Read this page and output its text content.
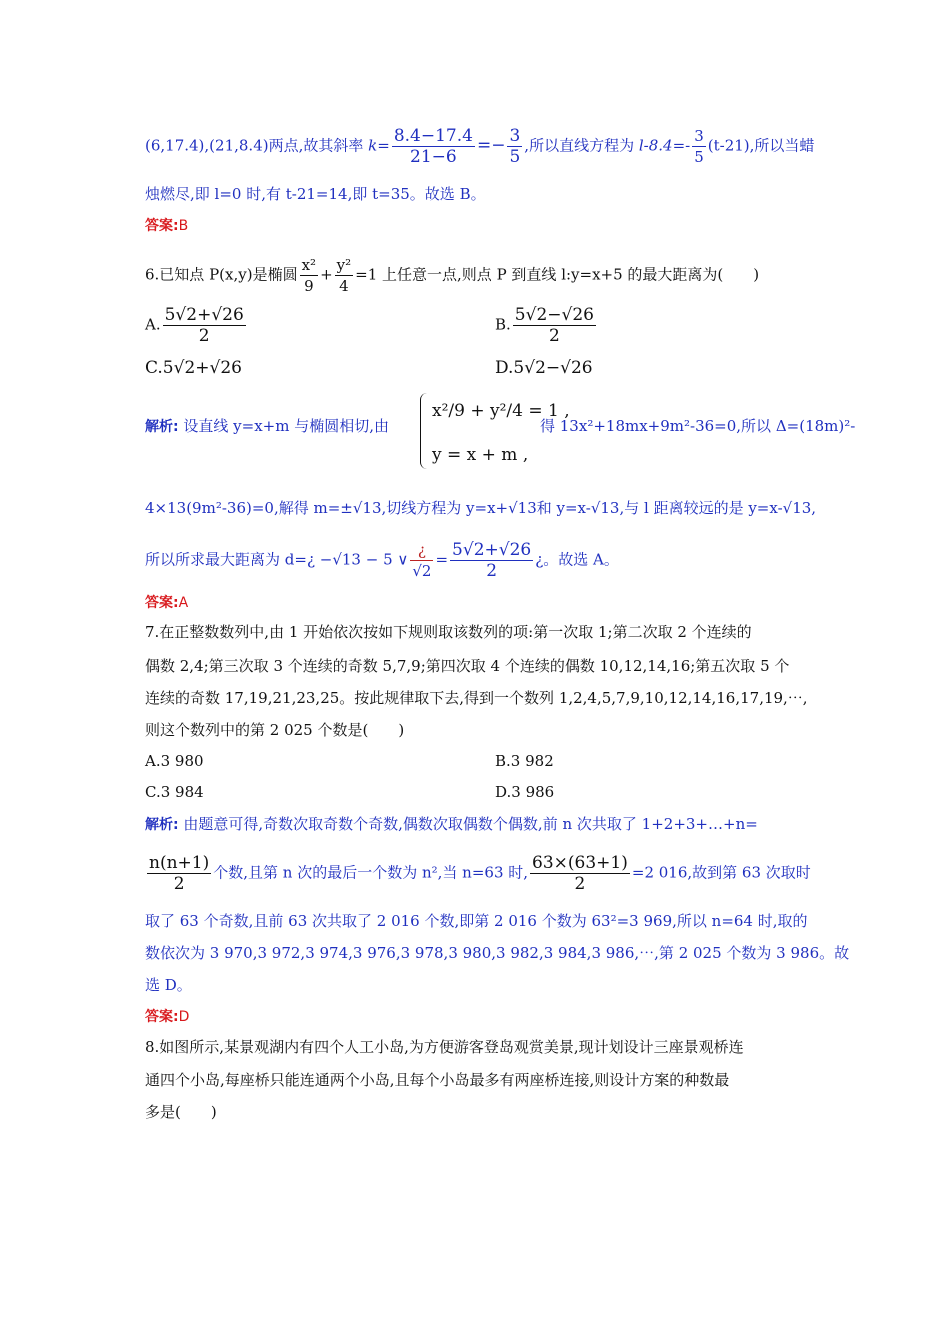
(6,17.4),(21,8.4)两点,故其斜率 $k= \frac{8.4-17.4}{21-6} =- \frac{3}{5}$ ,所以直线方程为 $l-8.4=- \frac{3}{5} (t-21)$,所以当蜡
烛燃尽,即 l=0 时,有 t-21=14,即 t=35。故选 B。
答案:B
6.已知点 P(x,y)是椭圆 $\frac{\text{x²}}{9} + \frac{\text{y²}}{4} =1$ 上任意一点,则点 P 到直线 l:y=x+5 的最大距离为(　　)
A. $\frac{5√2+√26}{2}$	B. $\frac{5√2-√26}{2}$
C.5√2+√26	D.5√2−√26
解析: 设直线 y=x+m 与椭圆相切,由
x²/9 + y²/4 = 1 ,
y = x + m ,
得 13x²+18mx+9m²-36=0,所以 Δ=(18m)²-
4×13(9m²-36)=0,解得 m=±√13,切线方程为 y=x+√13和 y=x-√13,与 l 距离较远的是 y=x-√13,
所以所求最大距离为 d=¿ −√13 − 5 ∨ $\frac{¿}{√2} = \frac{5√2+√26}{2}$ ¿。故选 A。
答案:A
7.在正整数数列中,由 1 开始依次按如下规则取该数列的项:第一次取 1;第二次取 2 个连续的
偶数 2,4;第三次取 3 个连续的奇数 5,7,9;第四次取 4 个连续的偶数 10,12,14,16;第五次取 5 个
连续的奇数 17,19,21,23,25。按此规律取下去,得到一个数列 1,2,4,5,7,9,10,12,14,16,17,19,⋯,
则这个数列中的第 2 025 个数是(　　)
A.3 980	B.3 982
C.3 984	D.3 986
解析: 由题意可得,奇数次取奇数个奇数,偶数次取偶数个偶数,前 n 次共取了 1+2+3+…+n=
$\frac{n(n+1)}{2}$ 个数,且第 n 次的最后一个数为 n²,当 n=63 时, $\frac{63\times(63+1)}{2} =2$ 016,故到第 63 次取时
取了 63 个奇数,且前 63 次共取了 2 016 个数,即第 2 016 个数为 63²=3 969,所以 n=64 时,取的
数依次为 3 970,3 972,3 974,3 976,3 978,3 980,3 982,3 984,3 986,⋯,第 2 025 个数为 3 986。故
选 D。
答案:D
8.如图所示,某景观湖内有四个人工小岛,为方便游客登岛观赏美景,现计划设计三座景观桥连
通四个小岛,每座桥只能连通两个小岛,且每个小岛最多有两座桥连接,则设计方案的种数最
多是(　　)
